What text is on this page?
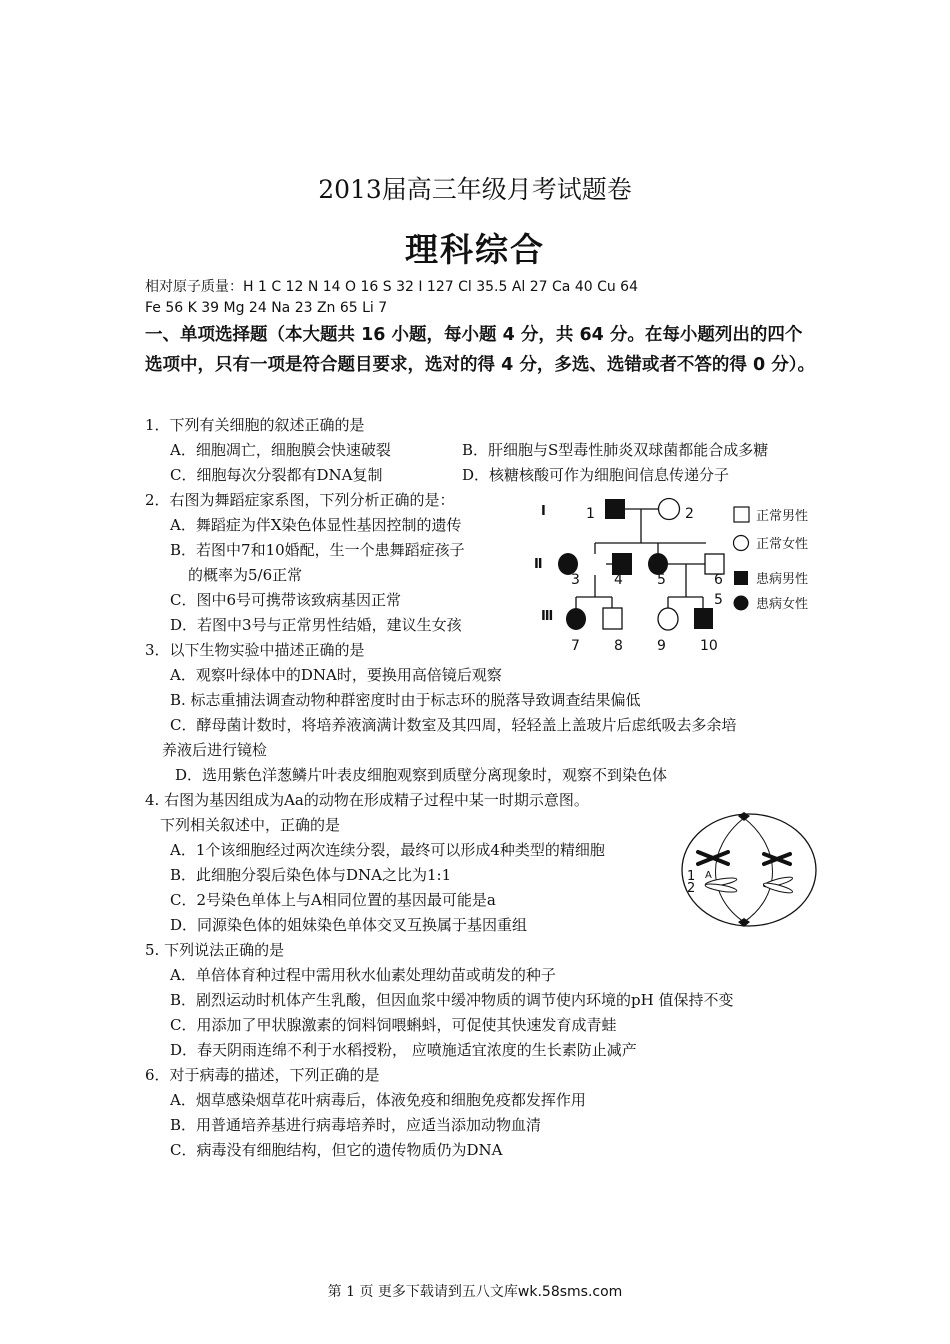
2013届高三年级月考试题卷
理科综合
相对原子质量：H 1 C 12 N 14 O 16 S 32 I 127 Cl 35.5 Al 27 Ca 40 Cu 64
Fe 56 K 39 Mg 24 Na 23 Zn 65 Li 7
一、单项选择题（本大题共 16 小题，每小题 4 分，共 64 分。在每小题列出的四个选项中，只有一项是符合题目要求，选对的得 4 分，多选、选错或者不答的得 0 分）。
1．下列有关细胞的叙述正确的是
A．细胞凋亡，细胞膜会快速破裂	B．肝细胞与S型毒性肺炎双球菌都能合成多糖
C．细胞每次分裂都有DNA复制	D．核糖核酸可作为细胞间信息传递分子
2．右图为舞蹈症家系图，下列分析正确的是：
A．舞蹈症为伴X染色体显性基因控制的遗传
B．若图中7和10婚配，生一个患舞蹈症孩子
的概率为5/6正常
C．图中6号可携带该致病基因正常
D．若图中3号与正常男性结婚，建议生女孩
Ⅰ
Ⅱ
Ⅲ
1	2
3 4 5	6
5
7 8 9 10
正常男性
正常女性
患病男性
患病女性
3．以下生物实验中描述正确的是
A．观察叶绿体中的DNA时，要换用高倍镜后观察
B. 标志重捕法调查动物种群密度时由于标志环的脱落导致调查结果偏低
C．酵母菌计数时，将培养液滴满计数室及其四周，轻轻盖上盖玻片后虑纸吸去多余培
养液后进行镜检
D．选用紫色洋葱鳞片叶表皮细胞观察到质壁分离现象时，观察不到染色体
4. 右图为基因组成为Aa的动物在形成精子过程中某一时期示意图。
下列相关叙述中，正确的是
A．1个该细胞经过两次连续分裂，最终可以形成4种类型的精细胞
B．此细胞分裂后染色体与DNA之比为1:1
C．2号染色单体上与A相同位置的基因最可能是a
D．同源染色体的姐妹染色单体交叉互换属于基因重组
1
2
A
5. 下列说法正确的是
A．单倍体育种过程中需用秋水仙素处理幼苗或萌发的种子
B．剧烈运动时机体产生乳酸，但因血浆中缓冲物质的调节使内环境的pH 值保持不变
C．用添加了甲状腺激素的饲料饲喂蝌蚪，可促使其快速发育成青蛙
D．春天阴雨连绵不利于水稻授粉， 应喷施适宜浓度的生长素防止减产
6．对于病毒的描述，下列正确的是
A．烟草感染烟草花叶病毒后，体液免疫和细胞免疫都发挥作用
B．用普通培养基进行病毒培养时，应适当添加动物血清
C．病毒没有细胞结构，但它的遗传物质仍为DNA
第 1 页 更多下载请到五八文库wk.58sms.com
